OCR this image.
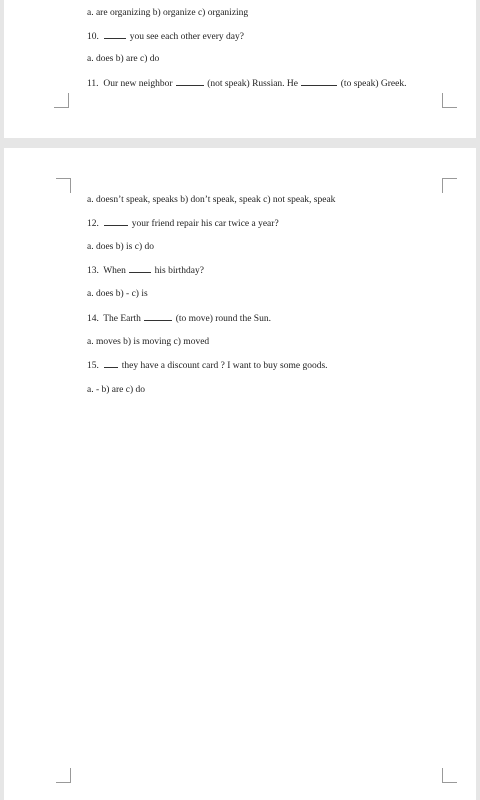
a. are organizing b) organize c) organizing
10.	you see each other every day?
a. does b) are c) do
11. Our new neighbor	(not speak) Russian. He	(to speak) Greek.
a. doesn’t speak, speaks b) don’t speak, speak c) not speak, speak
12.	your friend repair his car twice a year?
a. does b) is c) do
13. When	his birthday?
a. does b) - c) is
14. The Earth	(to move) round the Sun.
a. moves b) is moving c) moved
15. they have a discount card ? I want to buy some goods.
a. - b) are c) do
